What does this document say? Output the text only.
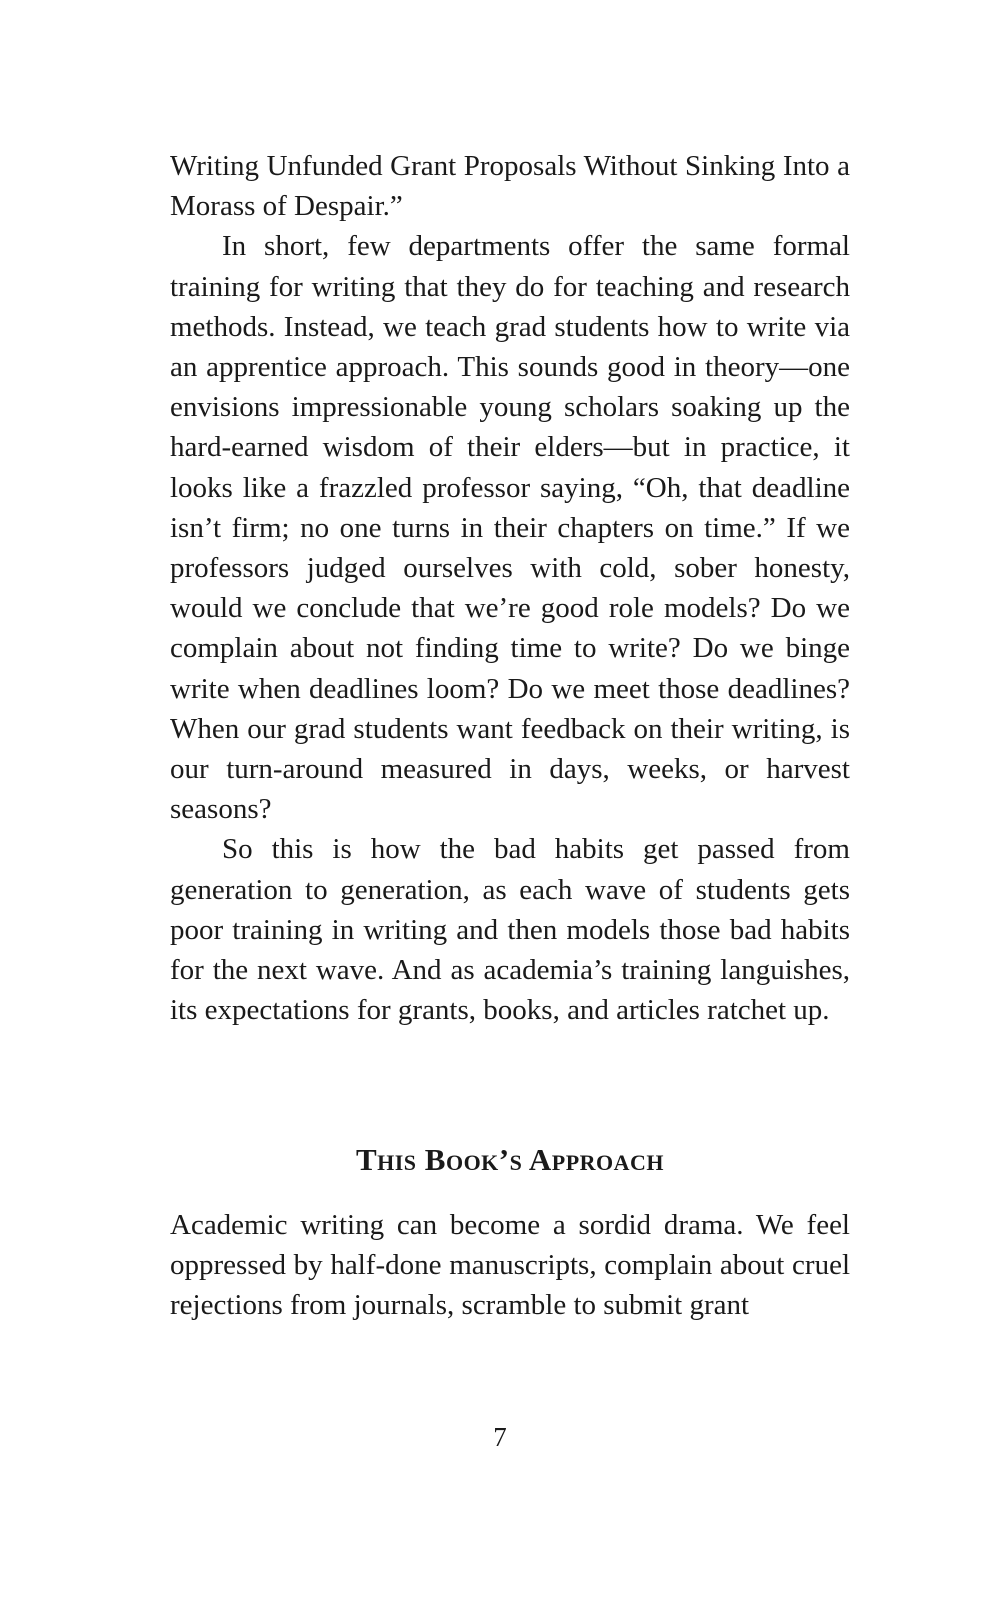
Writing Unfunded Grant Proposals Without Sinking Into a Morass of Despair.”

In short, few departments offer the same formal training for writing that they do for teaching and research methods. Instead, we teach grad students how to write via an apprentice approach. This sounds good in theory—one envisions impressionable young scholars soaking up the hard-earned wisdom of their elders—but in practice, it looks like a frazzled professor saying, “Oh, that deadline isn’t firm; no one turns in their chapters on time.” If we professors judged ourselves with cold, sober honesty, would we conclude that we’re good role models? Do we complain about not finding time to write? Do we binge write when deadlines loom? Do we meet those deadlines? When our grad students want feedback on their writing, is our turn-around measured in days, weeks, or harvest seasons?

So this is how the bad habits get passed from generation to generation, as each wave of students gets poor training in writing and then models those bad habits for the next wave. And as academia’s training languishes, its expectations for grants, books, and articles ratchet up.

This Book’s Approach

Academic writing can become a sordid drama. We feel oppressed by half-done manuscripts, complain about cruel rejections from journals, scramble to submit grant

7
